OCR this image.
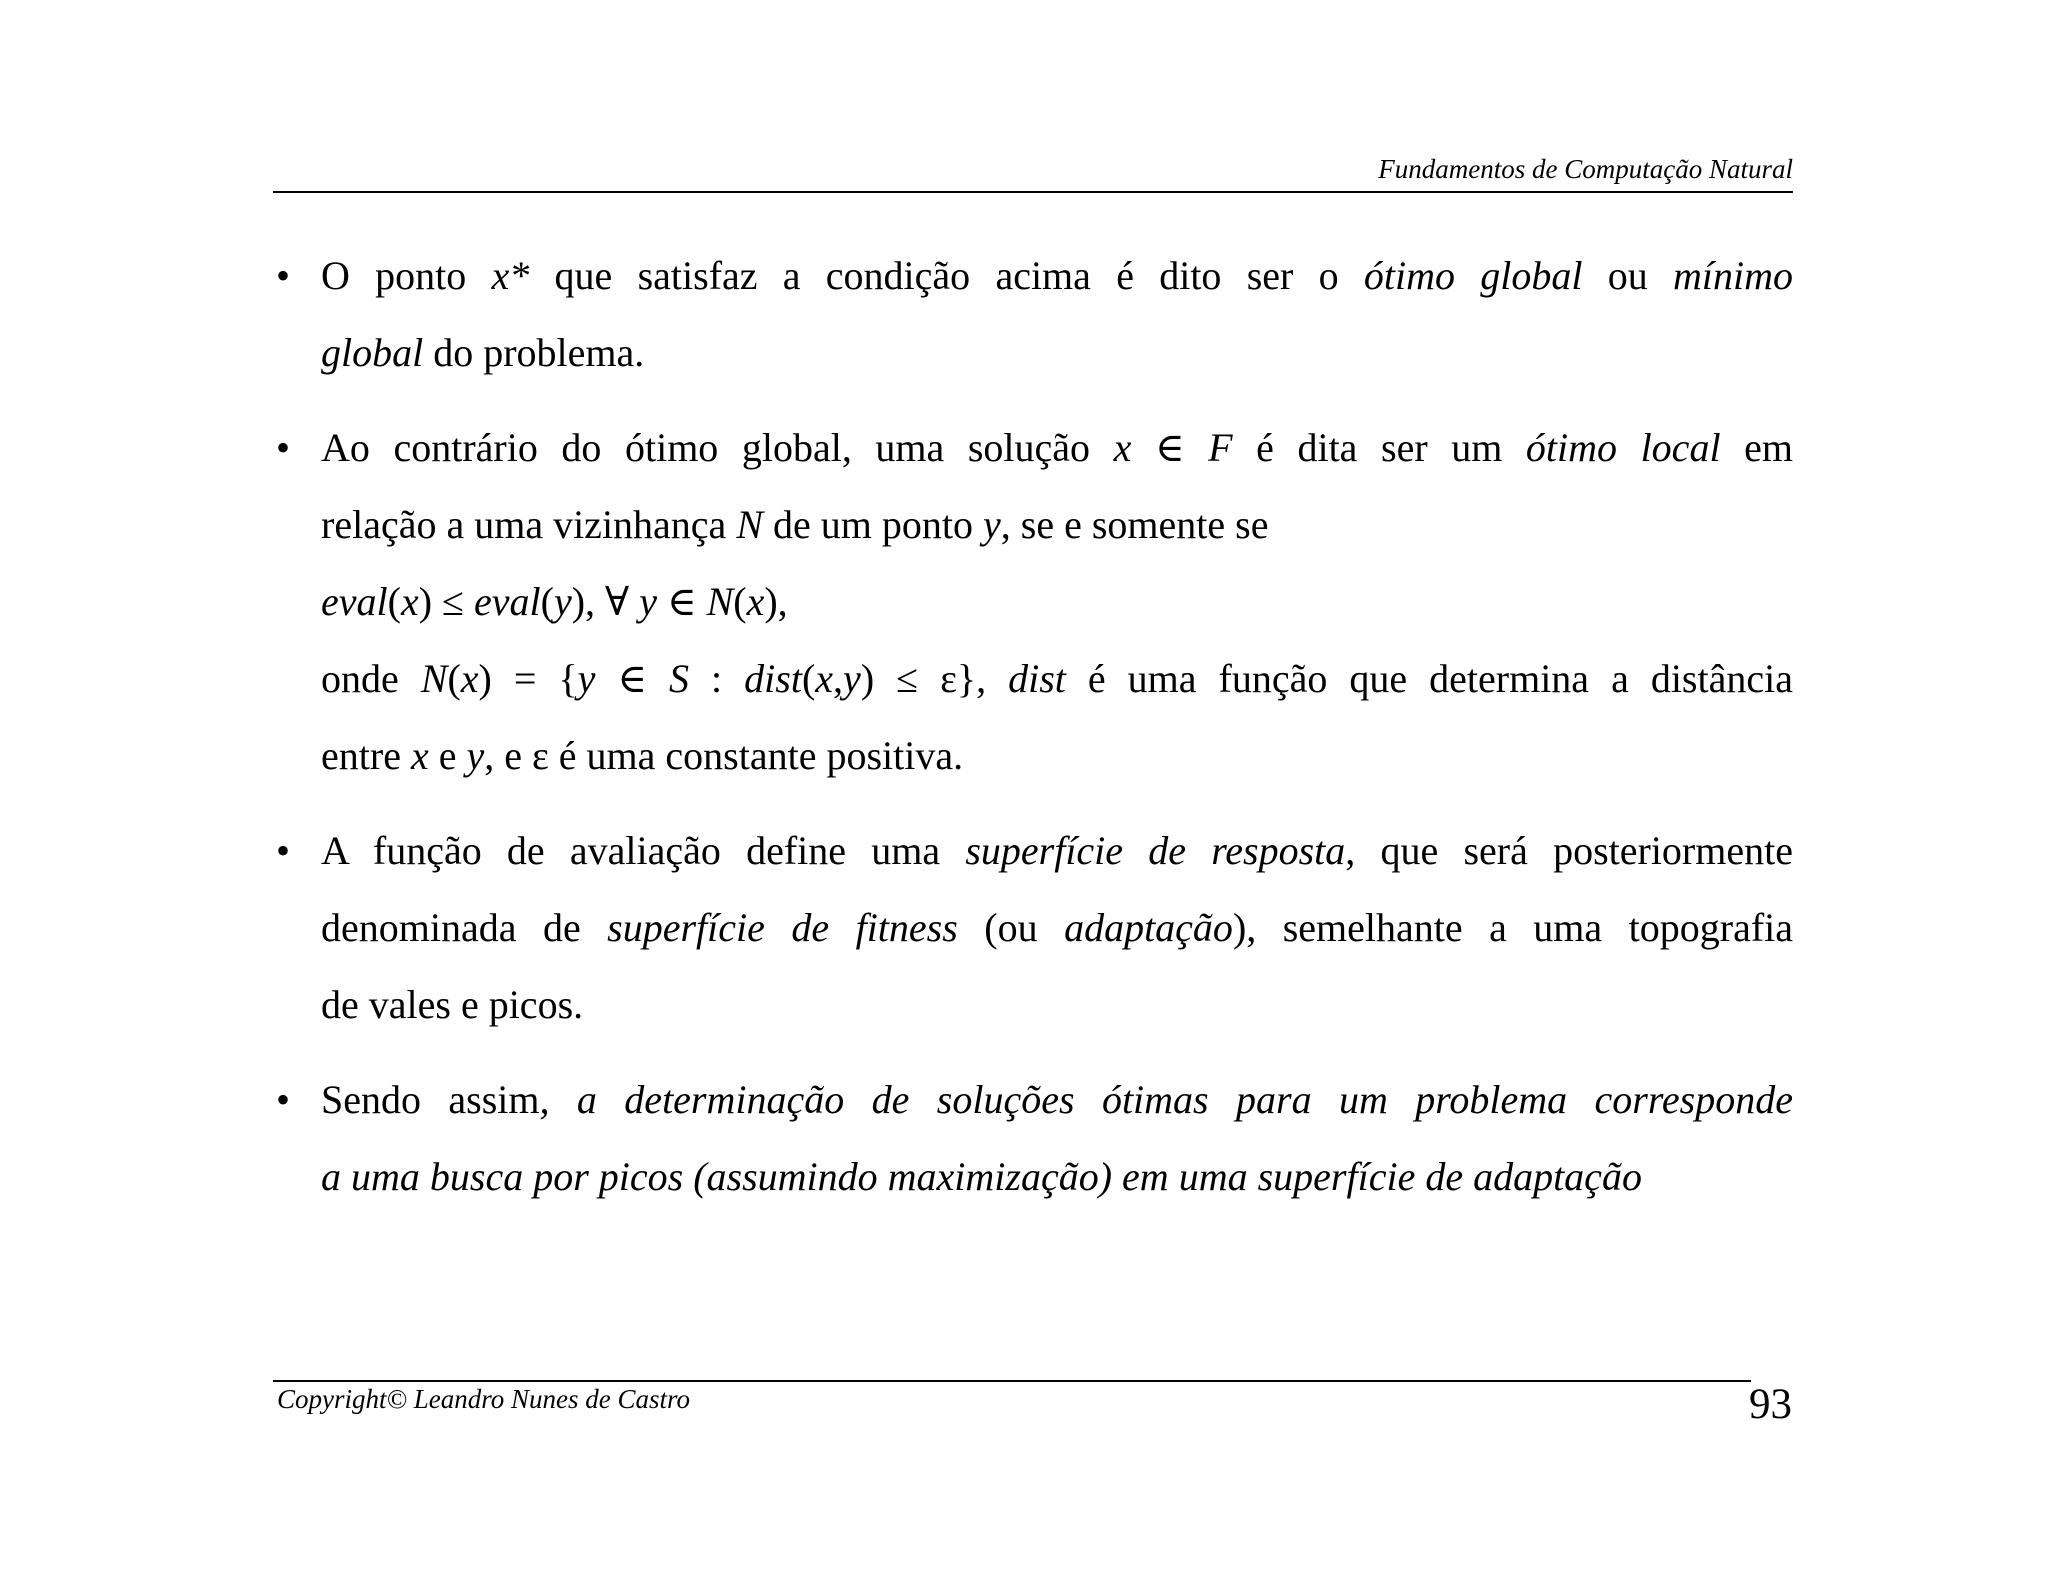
Fundamentos de Computação Natural
• O ponto x* que satisfaz a condição acima é dito ser o ótimo global ou mínimo
global do problema.
• Ao contrário do ótimo global, uma solução x ∈ F é dita ser um ótimo local em
relação a uma vizinhança N de um ponto y, se e somente se
eval(x) ≤ eval(y), ∀ y ∈ N(x),
onde N(x) = {y ∈ S : dist(x,y) ≤ ε}, dist é uma função que determina a distância
entre x e y, e ε é uma constante positiva.
• A função de avaliação define uma superfície de resposta, que será posteriormente
denominada de superfície de fitness (ou adaptação), semelhante a uma topografia
de vales e picos.
• Sendo assim, a determinação de soluções ótimas para um problema corresponde
a uma busca por picos (assumindo maximização) em uma superfície de adaptação
Copyright© Leandro Nunes de Castro	93
